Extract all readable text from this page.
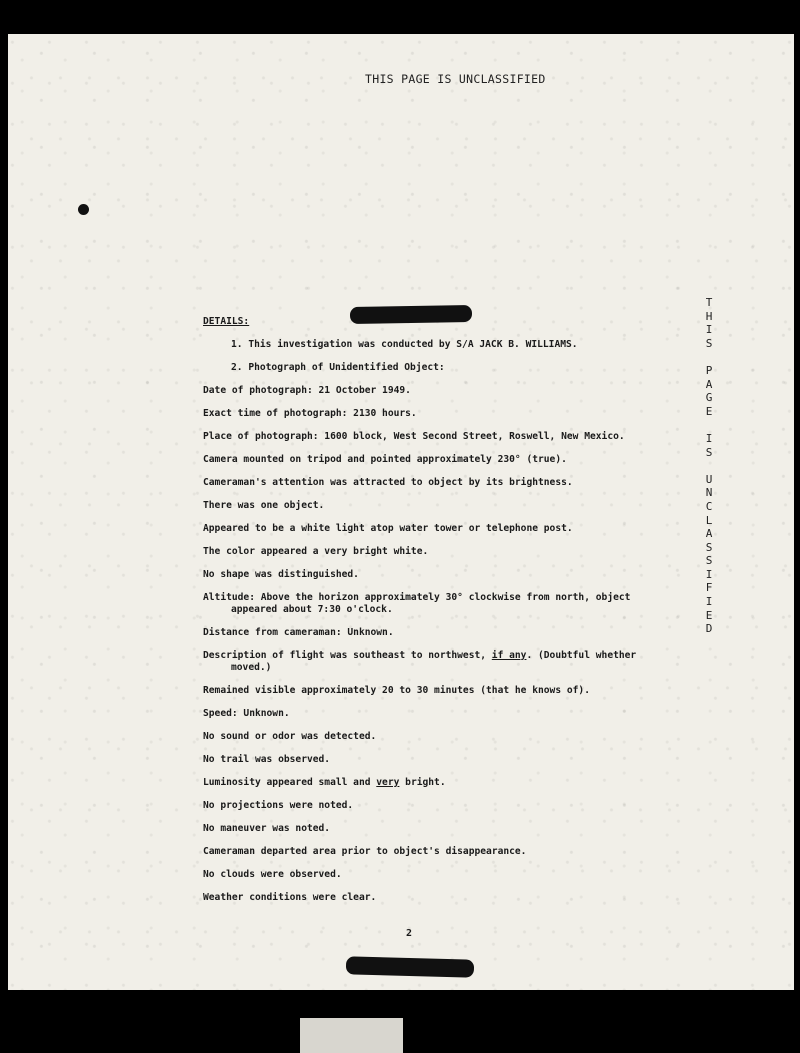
THIS PAGE IS UNCLASSIFIED
T
H
I
S
P
A
G
E
I
S
U
N
C
L
A
S
S
I
F
I
E
D
DETAILS:
1. This investigation was conducted by S/A JACK B. WILLIAMS.
2. Photograph of Unidentified Object:
Date of photograph: 21 October 1949.
Exact time of photograph: 2130 hours.
Place of photograph: 1600 block, West Second Street, Roswell, New Mexico.
Camera mounted on tripod and pointed approximately 230° (true).
Cameraman's attention was attracted to object by its brightness.
There was one object.
Appeared to be a white light atop water tower or telephone post.
The color appeared a very bright white.
No shape was distinguished.
Altitude: Above the horizon approximately 30° clockwise from north, object
appeared about 7:30 o'clock.
Distance from cameraman: Unknown.
Description of flight was southeast to northwest, if any. (Doubtful whether
moved.)
Remained visible approximately 20 to 30 minutes (that he knows of).
Speed: Unknown.
No sound or odor was detected.
No trail was observed.
Luminosity appeared small and very bright.
No projections were noted.
No maneuver was noted.
Cameraman departed area prior to object's disappearance.
No clouds were observed.
Weather conditions were clear.
2
